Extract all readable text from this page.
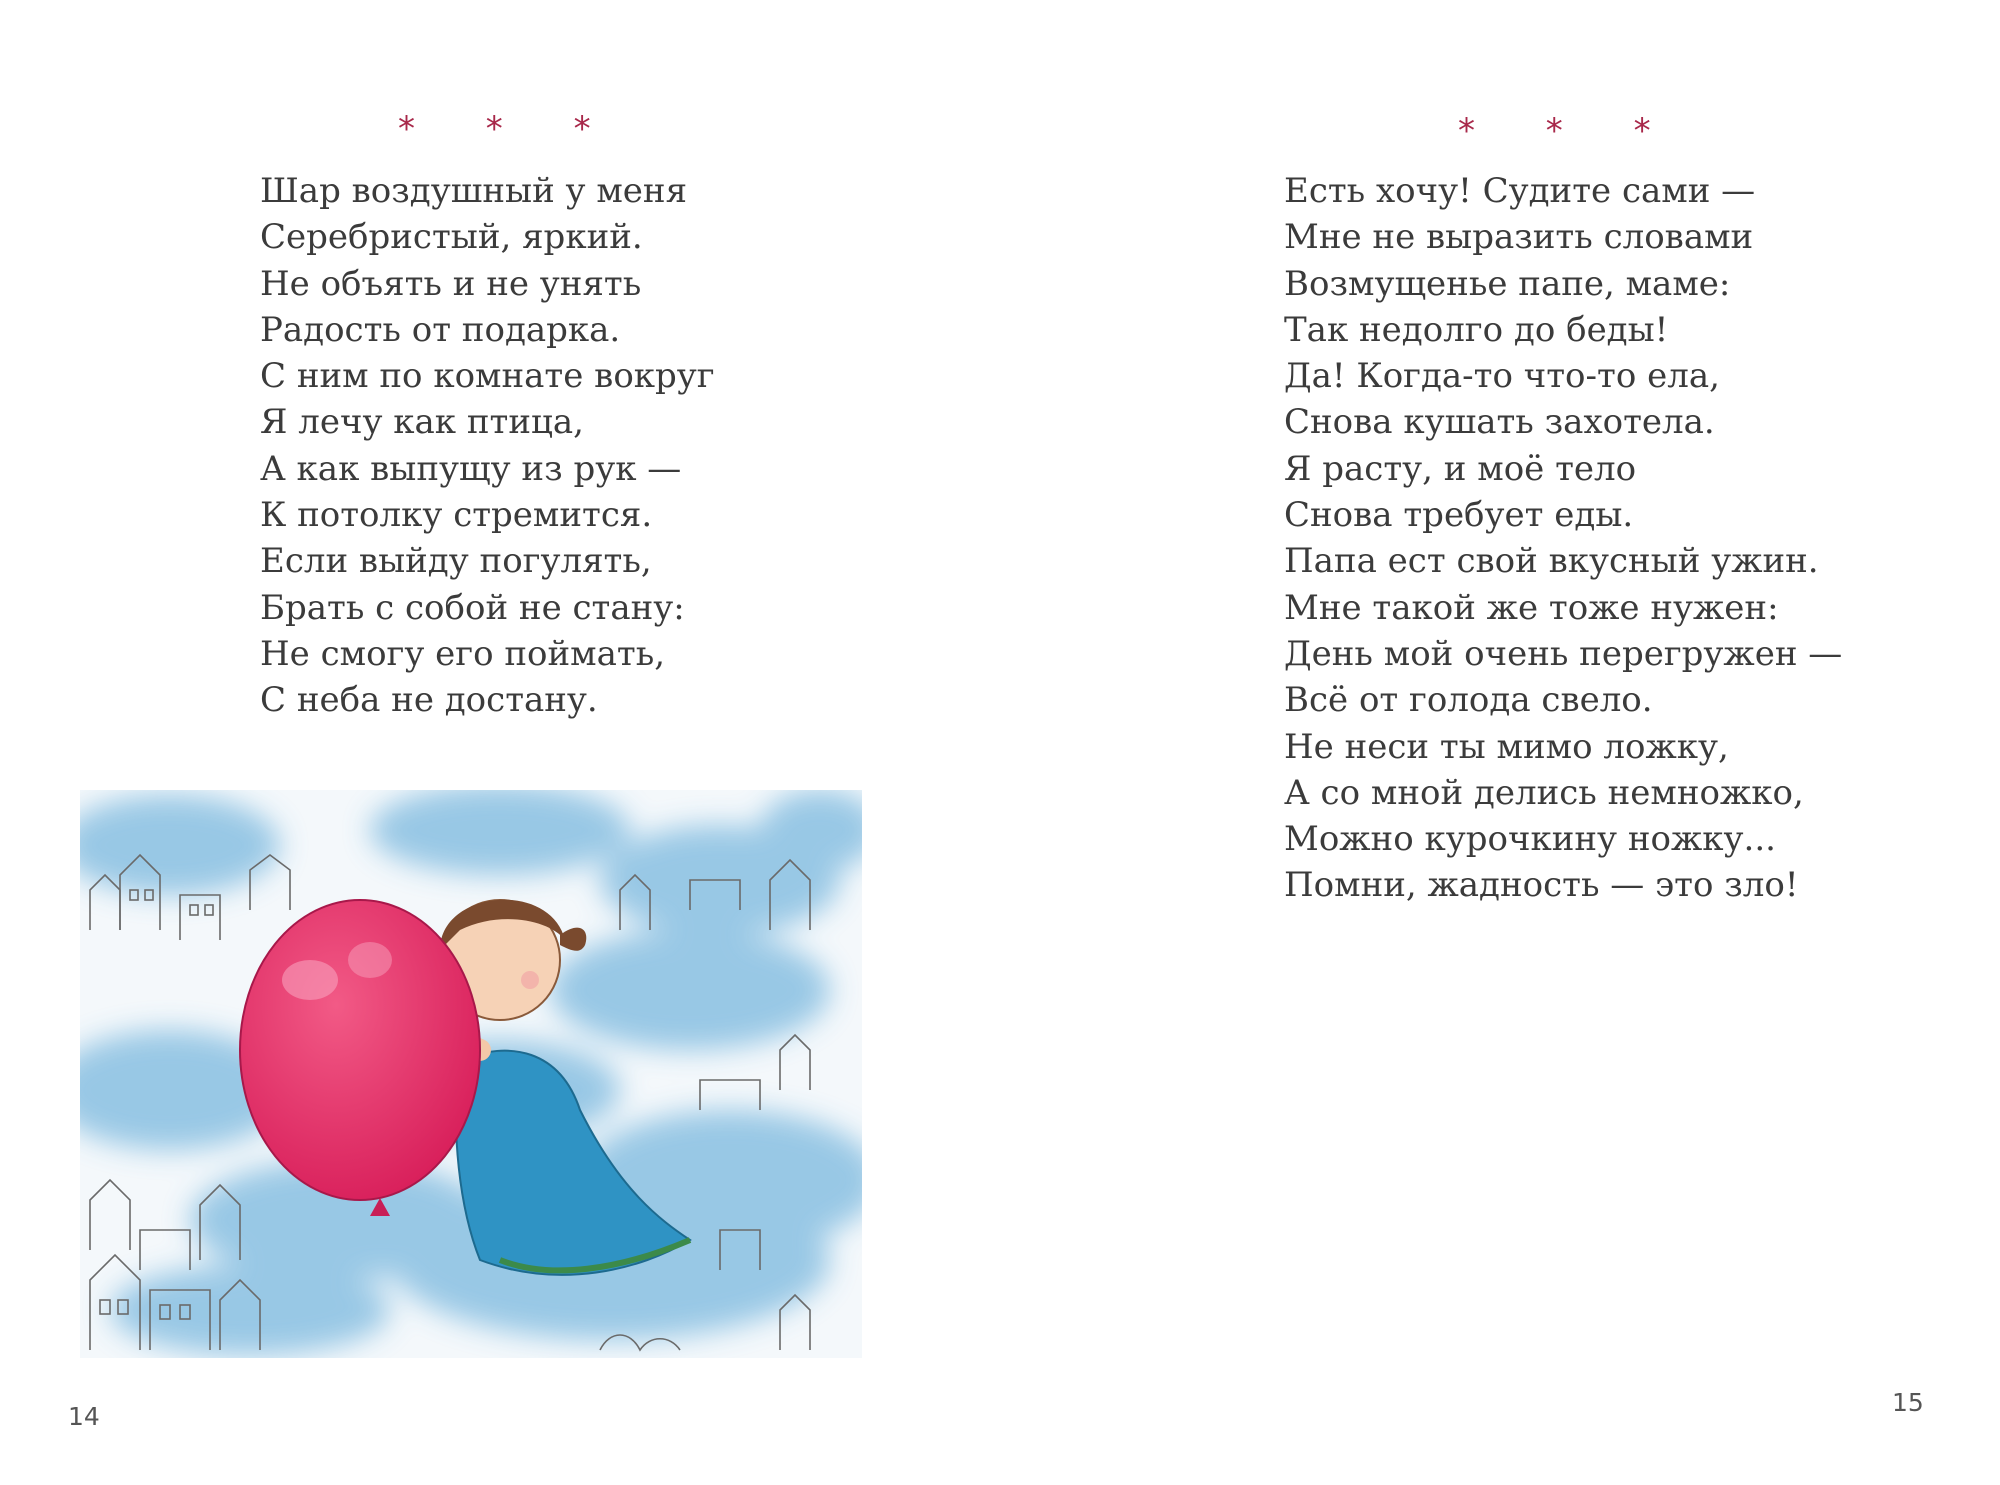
* * *
Шар воздушный у меня
Серебристый, яркий.
Не объять и не унять
Радость от подарка.
С ним по комнате вокруг
Я лечу как птица,
А как выпущу из рук —
К потолку стремится.
Если выйду погулять,
Брать с собой не стану:
Не смогу его поймать,
С неба не достану.
14
* * *
Есть хочу! Судите сами —
Мне не выразить словами
Возмущенье папе, маме:
Так недолго до беды!
Да! Когда-то что-то ела,
Снова кушать захотела.
Я расту, и моё тело
Снова требует еды.
Папа ест свой вкусный ужин.
Мне такой же тоже нужен:
День мой очень перегружен —
Всё от голода свело.
Не неси ты мимо ложку,
А со мной делись немножко,
Можно курочкину ножку...
Помни, жадность — это зло!
15
